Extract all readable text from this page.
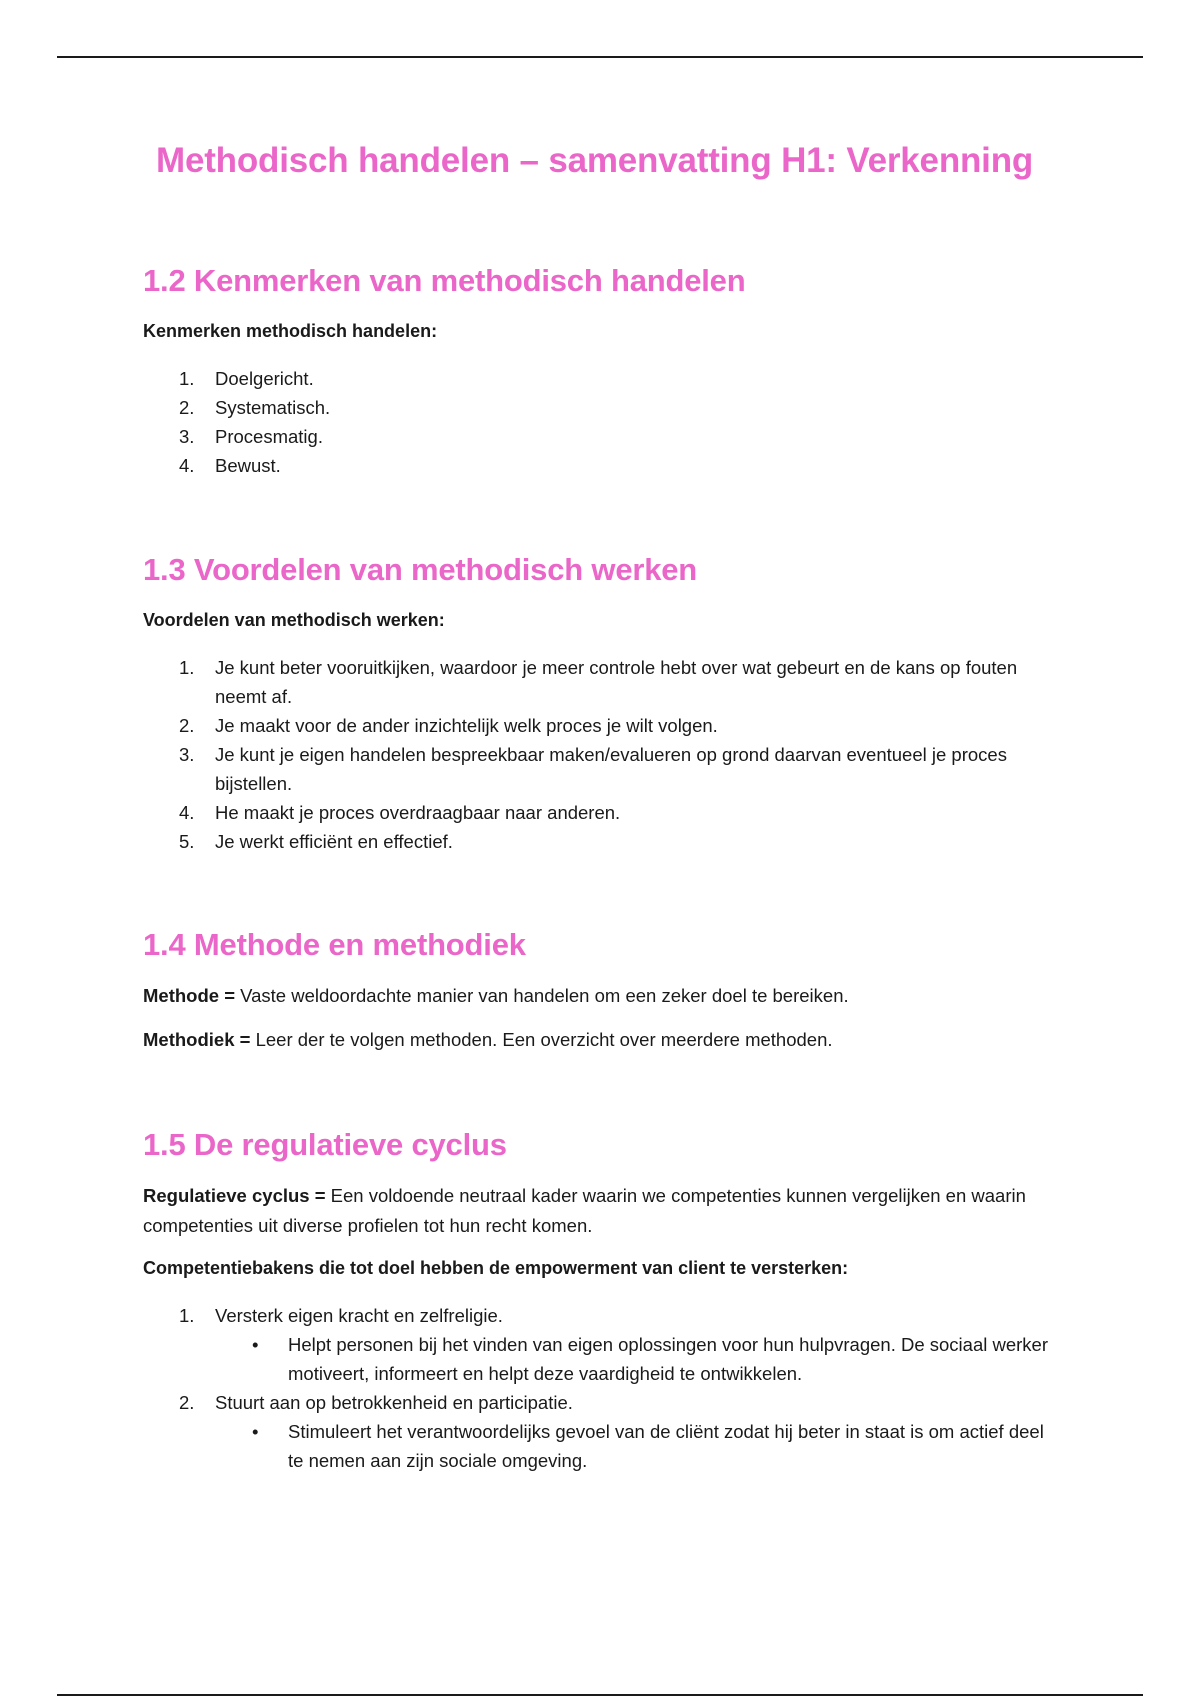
Methodisch handelen – samenvatting H1: Verkenning
1.2 Kenmerken van methodisch handelen

Kenmerken methodisch handelen:

1.	Doelgericht.
2.	Systematisch.
3.	Procesmatig.
4.	Bewust.
1.3 Voordelen van methodisch werken

Voordelen van methodisch werken:

1.	Je kunt beter vooruitkijken, waardoor je meer controle hebt over wat gebeurt en de kans op fouten neemt af.
2.	Je maakt voor de ander inzichtelijk welk proces je wilt volgen.
3.	Je kunt je eigen handelen bespreekbaar maken/evalueren op grond daarvan eventueel je proces bijstellen.
4.	He maakt je proces overdraagbaar naar anderen.
5.	Je werkt efficiënt en effectief.
1.4 Methode en methodiek

Methode = Vaste weldoordachte manier van handelen om een zeker doel te bereiken.

Methodiek = Leer der te volgen methoden. Een overzicht over meerdere methoden.

1.5 De regulatieve cyclus

Regulatieve cyclus = Een voldoende neutraal kader waarin we competenties kunnen vergelijken en waarin competenties uit diverse profielen tot hun recht komen.

Competentiebakens die tot doel hebben de empowerment van client te versterken:

1.	Versterk eigen kracht en zelfreligie.
• Helpt personen bij het vinden van eigen oplossingen voor hun hulpvragen. De sociaal werker motiveert, informeert en helpt deze vaardigheid te ontwikkelen.
2.	Stuurt aan op betrokkenheid en participatie.
• Stimuleert het verantwoordelijks gevoel van de cliënt zodat hij beter in staat is om actief deel te nemen aan zijn sociale omgeving.
